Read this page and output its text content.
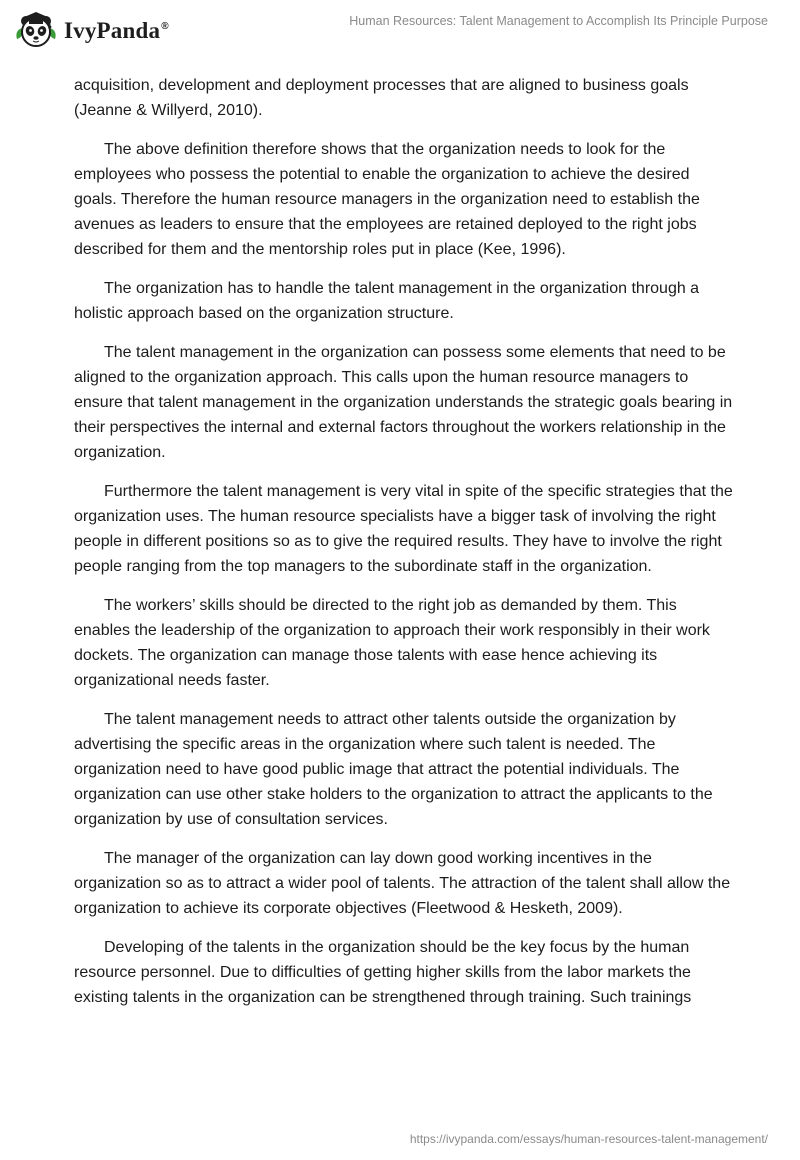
IvyPanda®	Human Resources: Talent Management to Accomplish Its Principle Purpose

acquisition, development and deployment processes that are aligned to business goals (Jeanne & Willyerd, 2010).

The above definition therefore shows that the organization needs to look for the employees who possess the potential to enable the organization to achieve the desired goals. Therefore the human resource managers in the organization need to establish the avenues as leaders to ensure that the employees are retained deployed to the right jobs described for them and the mentorship roles put in place (Kee, 1996).

The organization has to handle the talent management in the organization through a holistic approach based on the organization structure.

The talent management in the organization can possess some elements that need to be aligned to the organization approach. This calls upon the human resource managers to ensure that talent management in the organization understands the strategic goals bearing in their perspectives the internal and external factors throughout the workers relationship in the organization.

Furthermore the talent management is very vital in spite of the specific strategies that the organization uses. The human resource specialists have a bigger task of involving the right people in different positions so as to give the required results. They have to involve the right people ranging from the top managers to the subordinate staff in the organization.

The workers’ skills should be directed to the right job as demanded by them. This enables the leadership of the organization to approach their work responsibly in their work dockets. The organization can manage those talents with ease hence achieving its organizational needs faster.

The talent management needs to attract other talents outside the organization by advertising the specific areas in the organization where such talent is needed. The organization need to have good public image that attract the potential individuals. The organization can use other stake holders to the organization to attract the applicants to the organization by use of consultation services.

The manager of the organization can lay down good working incentives in the organization so as to attract a wider pool of talents. The attraction of the talent shall allow the organization to achieve its corporate objectives (Fleetwood & Hesketh, 2009).

Developing of the talents in the organization should be the key focus by the human resource personnel. Due to difficulties of getting higher skills from the labor markets the existing talents in the organization can be strengthened through training. Such trainings

https://ivypanda.com/essays/human-resources-talent-management/
